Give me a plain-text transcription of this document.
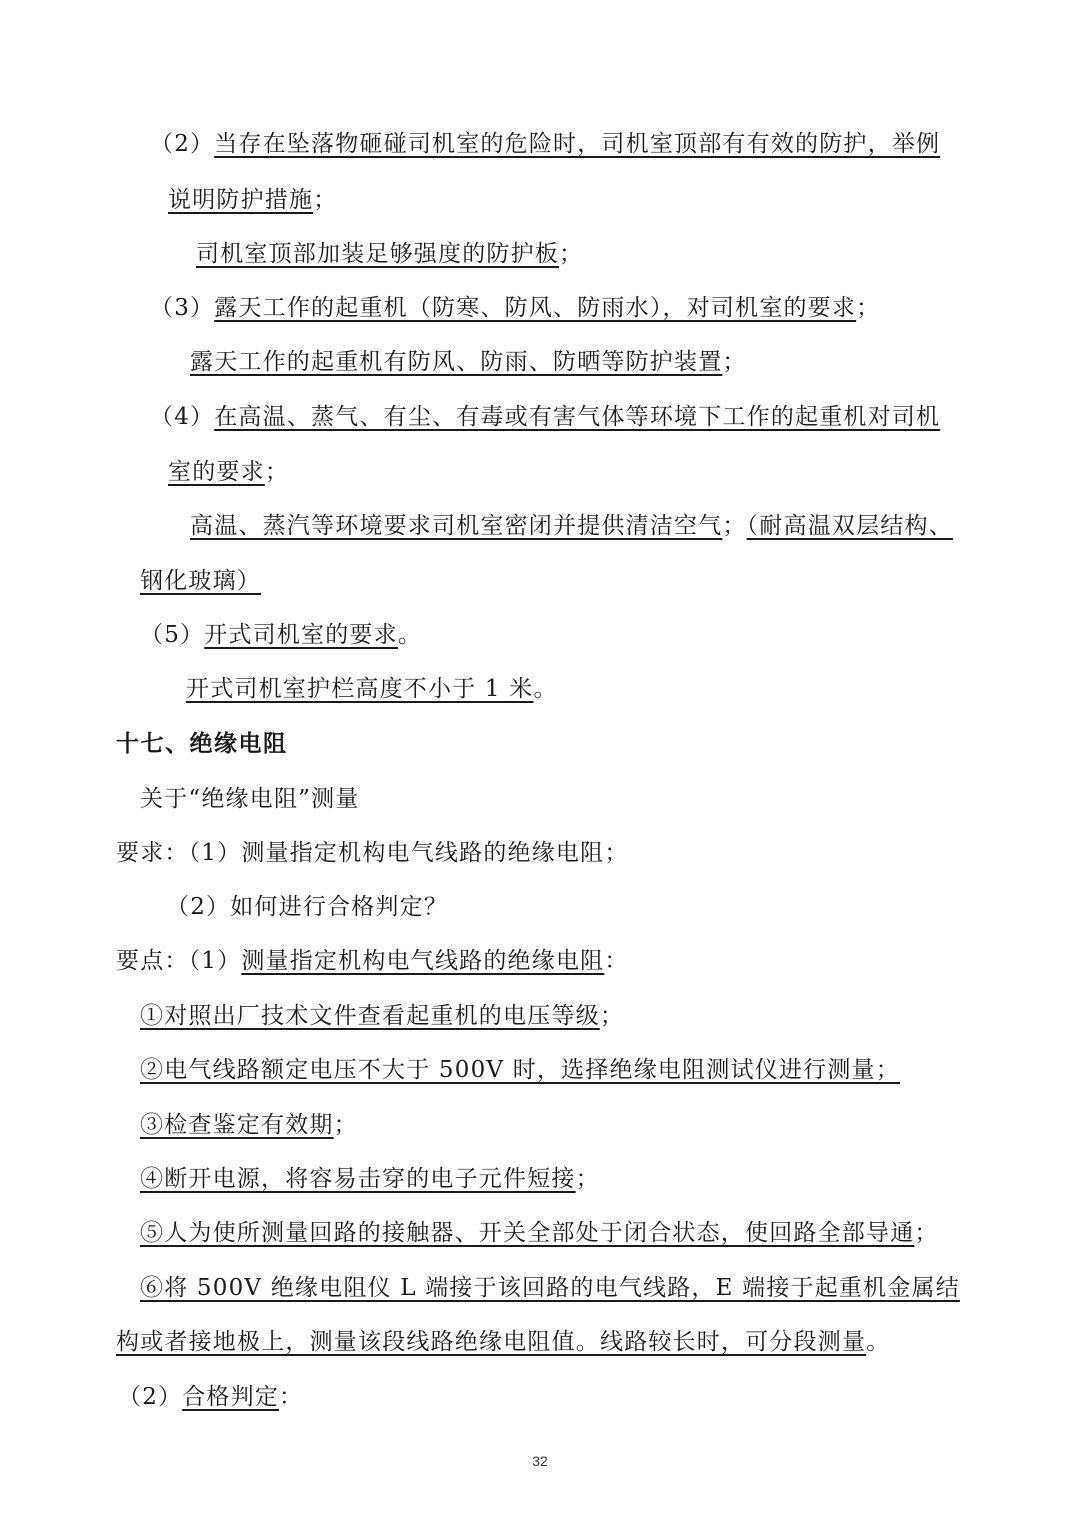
（2）当存在坠落物砸碰司机室的危险时，司机室顶部有有效的防护，举例
说明防护措施；
司机室顶部加装足够强度的防护板；
（3）露天工作的起重机（防寒、防风、防雨水），对司机室的要求；
露天工作的起重机有防风、防雨、防晒等防护装置；
（4）在高温、蒸气、有尘、有毒或有害气体等环境下工作的起重机对司机
室的要求；
高温、蒸汽等环境要求司机室密闭并提供清洁空气；（耐高温双层结构、
钢化玻璃）
（5）开式司机室的要求。
开式司机室护栏高度不小于 1 米。
十七、绝缘电阻
关于“绝缘电阻”测量
要求：（1）测量指定机构电气线路的绝缘电阻；
（2）如何进行合格判定？
要点：（1）测量指定机构电气线路的绝缘电阻：
①对照出厂技术文件查看起重机的电压等级；
②电气线路额定电压不大于 500V 时，选择绝缘电阻测试仪进行测量；
③检查鉴定有效期；
④断开电源，将容易击穿的电子元件短接；
⑤人为使所测量回路的接触器、开关全部处于闭合状态，使回路全部导通；
⑥将 500V 绝缘电阻仪 L 端接于该回路的电气线路，E 端接于起重机金属结
构或者接地极上，测量该段线路绝缘电阻值。线路较长时，可分段测量。
（2）合格判定：
32
